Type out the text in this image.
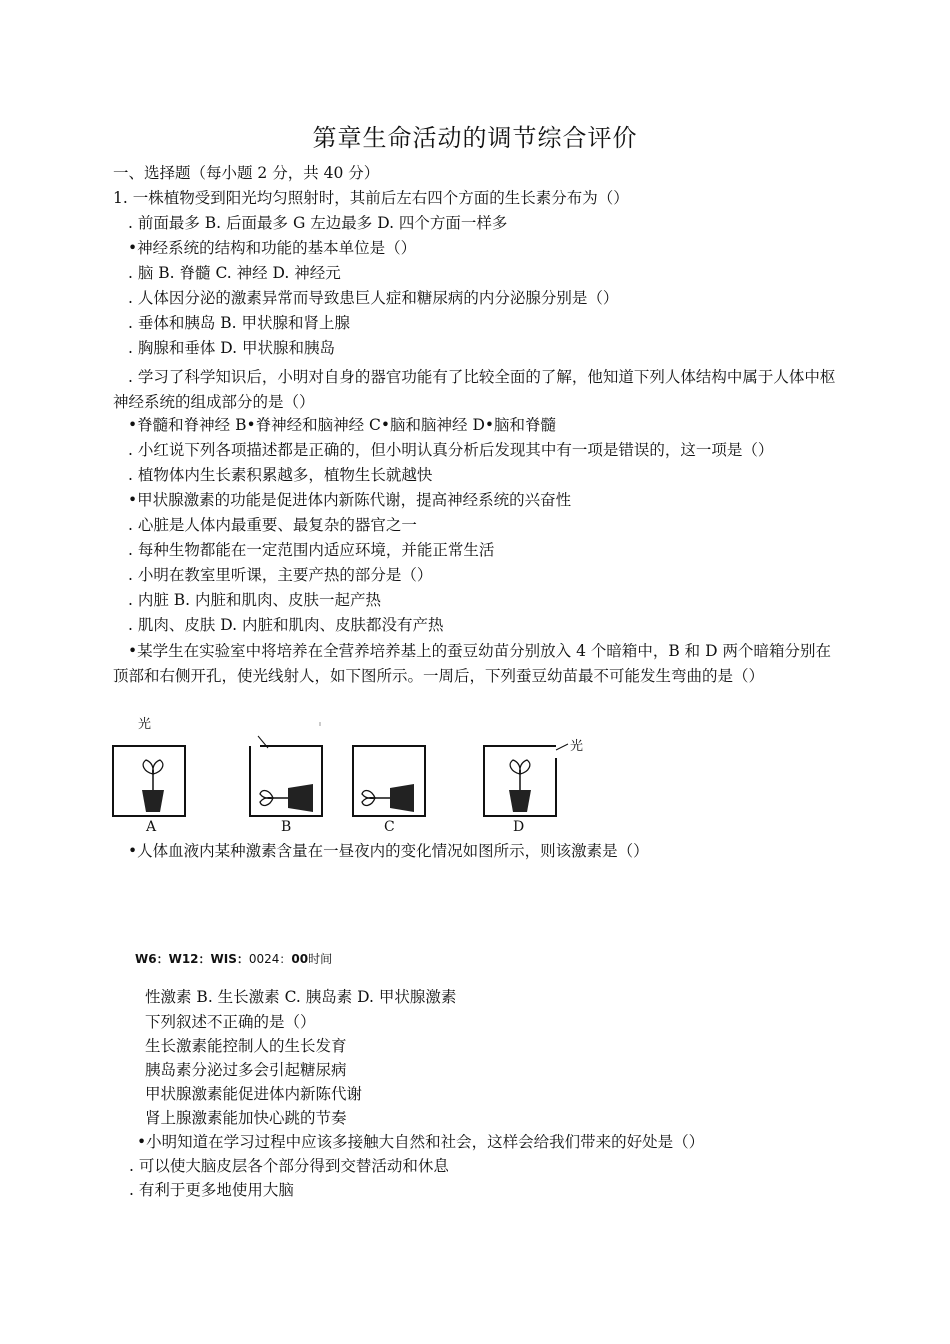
第章生命活动的调节综合评价
一、选择题（每小题 2 分，共 40 分）
1. 一株植物受到阳光均匀照射时，其前后左右四个方面的生长素分布为（）
. 前面最多 B. 后面最多 G 左边最多 D. 四个方面一样多
•神经系统的结构和功能的基本单位是（）
. 脑 B. 脊髓 C. 神经 D. 神经元
. 人体因分泌的激素异常而导致患巨人症和糖尿病的内分泌腺分别是（）
. 垂体和胰岛 B. 甲状腺和肾上腺
. 胸腺和垂体 D. 甲状腺和胰岛
. 学习了科学知识后，小明对自身的器官功能有了比较全面的了解，他知道下列人体结构中属于人体中枢神经系统的组成部分的是（）
•脊髓和脊神经 B•脊神经和脑神经 C•脑和脑神经 D•脑和脊髓
. 小红说下列各项描述都是正确的，但小明认真分析后发现其中有一项是错误的，这一项是（）
. 植物体内生长素积累越多，植物生长就越快
•甲状腺激素的功能是促进体内新陈代谢，提高神经系统的兴奋性
. 心脏是人体内最重要、最复杂的器官之一
. 每种生物都能在一定范围内适应环境，并能正常生活
. 小明在教室里听课，主要产热的部分是（）
. 内脏 B. 内脏和肌肉、皮肤一起产热
. 肌肉、皮肤 D. 内脏和肌肉、皮肤都没有产热
•某学生在实验室中将培养在全营养培养基上的蚕豆幼苗分别放入 4 个暗箱中，B 和 D 两个暗箱分别在顶部和右侧开孔，使光线射人，如下图所示。一周后，下列蚕豆幼苗最不可能发生弯曲的是（）
光
光
A	B	C	D
•人体血液内某种激素含量在一昼夜内的变化情况如图所示，则该激素是（）
W6：W12：WIS：0024：00时间
性激素 B. 生长激素 C. 胰岛素 D. 甲状腺激素
下列叙述不正确的是（）
生长激素能控制人的生长发育
胰岛素分泌过多会引起糖尿病
甲状腺激素能促进体内新陈代谢
肾上腺激素能加快心跳的节奏
•小明知道在学习过程中应该多接触大自然和社会，这样会给我们带来的好处是（）
. 可以使大脑皮层各个部分得到交替活动和休息
. 有利于更多地使用大脑
